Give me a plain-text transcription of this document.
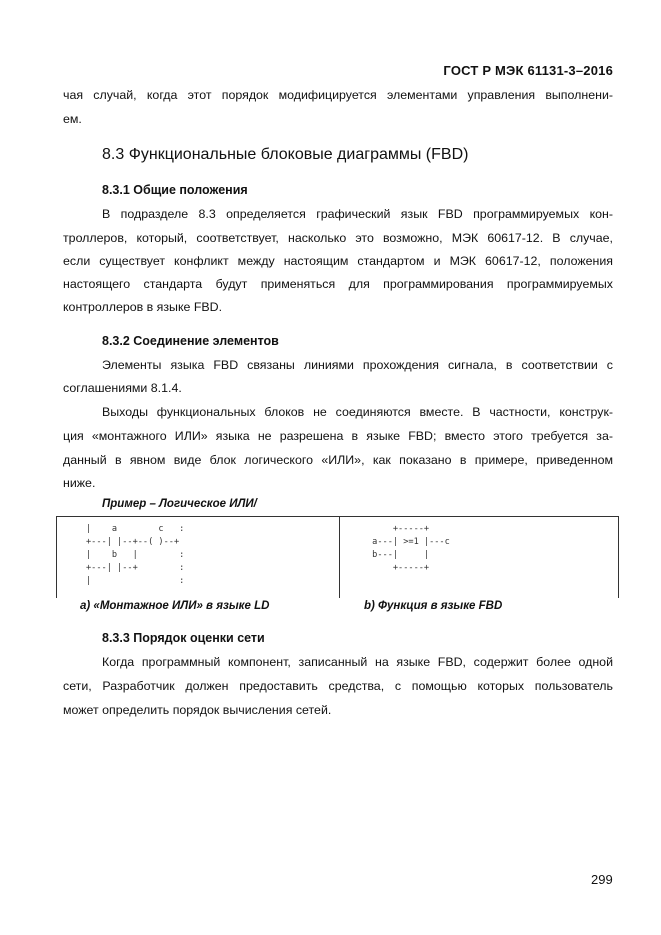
ГОСТ Р МЭК 61131-3–2016
чая случай, когда этот порядок модифицируется элементами управления выполнени-
ем.
8.3 Функциональные блоковые диаграммы (FBD)
8.3.1 Общие положения
В подразделе 8.3 определяется графический язык FBD программируемых кон-
троллеров, который, соответствует, насколько это возможно, МЭК 60617-12. В случае,
если существует конфликт между настоящим стандартом и МЭК 60617-12, положения
настоящего стандарта будут применяться для программирования программируемых
контроллеров в языке FBD.
8.3.2 Соединение элементов
Элементы языка FBD связаны линиями прохождения сигнала, в соответствии с
соглашениями 8.1.4.
Выходы функциональных блоков не соединяются вместе. В частности, конструк-
ция «монтажного ИЛИ» языка не разрешена в языке FBD; вместо этого требуется за-
данный в явном виде блок логического «ИЛИ», как показано в примере, приведенном
ниже.
Пример – Логическое ИЛИ/
|    a        c   :
+---| |--+--( )--+
|    b   |        :
+---| |--+        :
|                 :
+-----+
a---| >=1 |---c
b---|     |
+-----+
a) «Монтажное ИЛИ» в языке LD	b) Функция в языке FBD
8.3.3 Порядок оценки сети
Когда программный компонент, записанный на языке FBD, содержит более одной
сети, Разработчик должен предоставить средства, с помощью которых пользователь
может определить порядок вычисления сетей.
299
